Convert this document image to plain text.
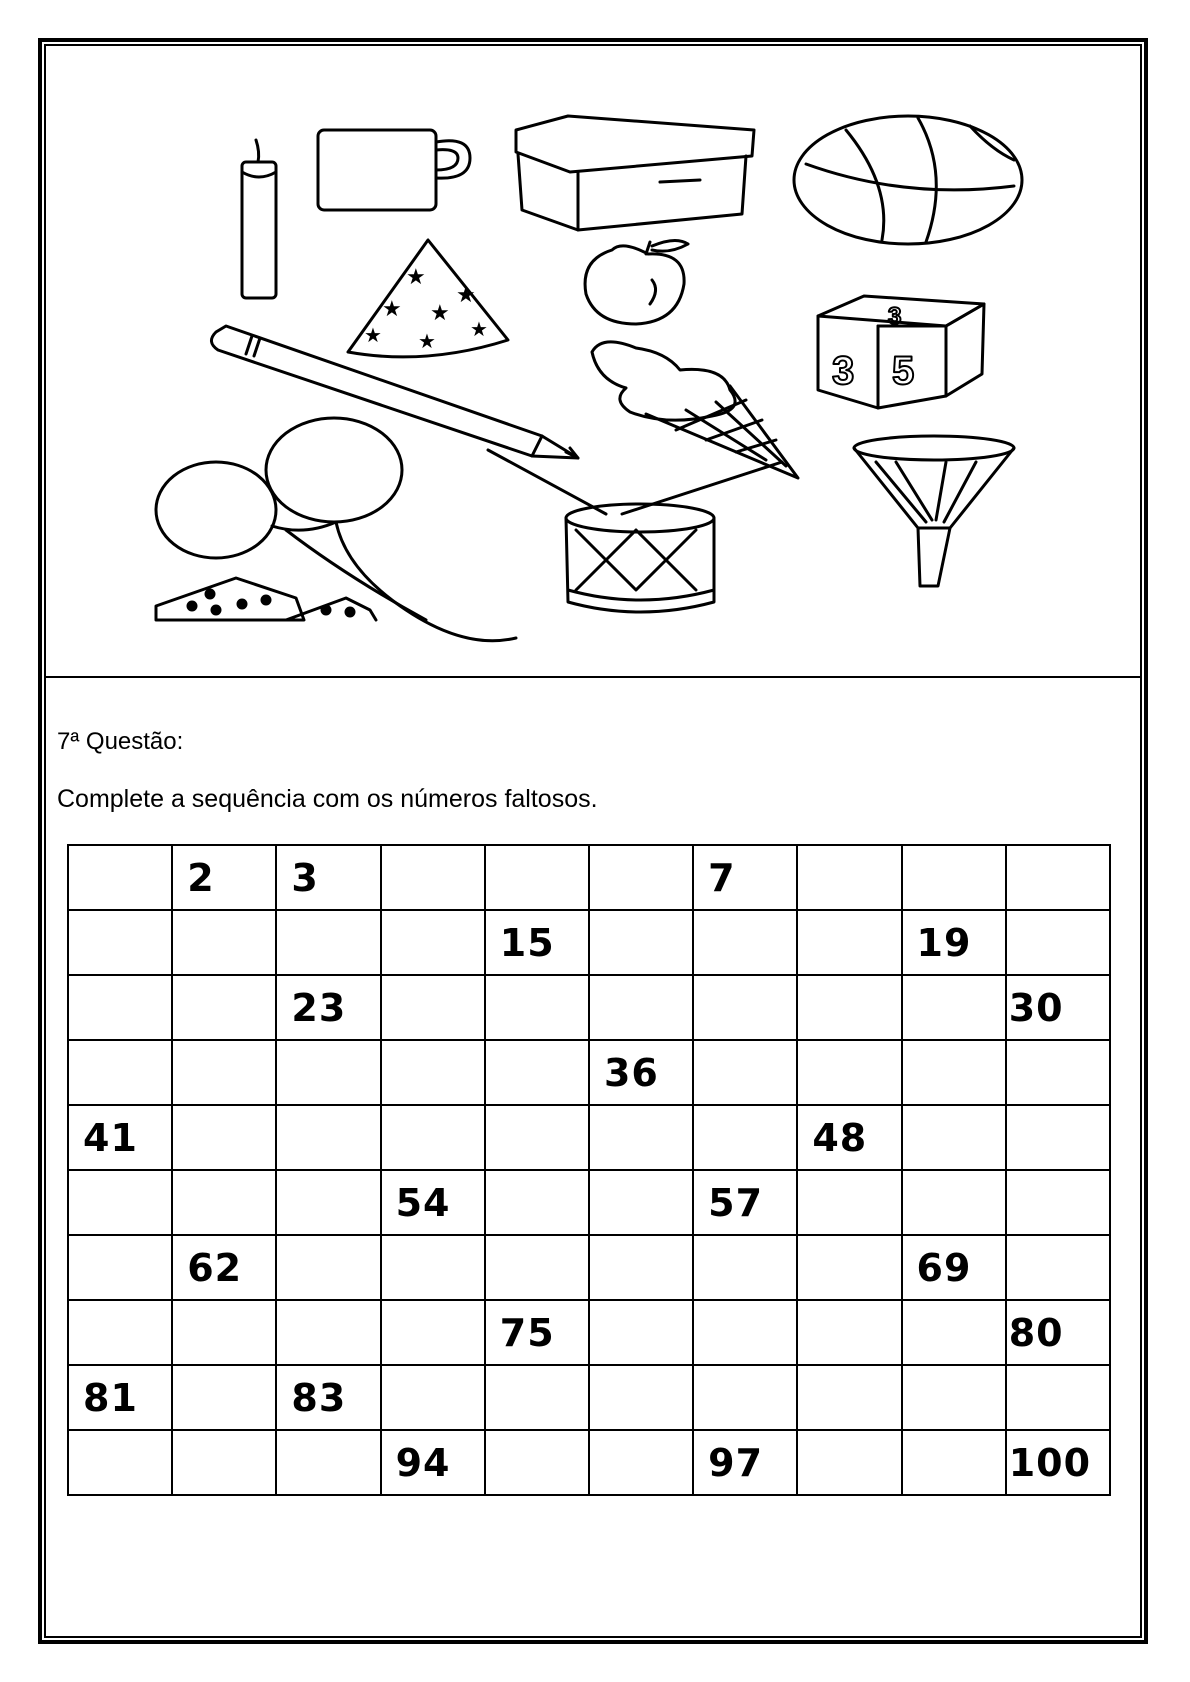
★
★ ★
★
★ ★
★
3 5
3
7ª Questão:
Complete a sequência com os números faltosos.
	2	3				7			
				15				19	
		23							30
					36				
41							48		
			54			57			
	62							69	
				75					80
81		83							
			94			97			100
